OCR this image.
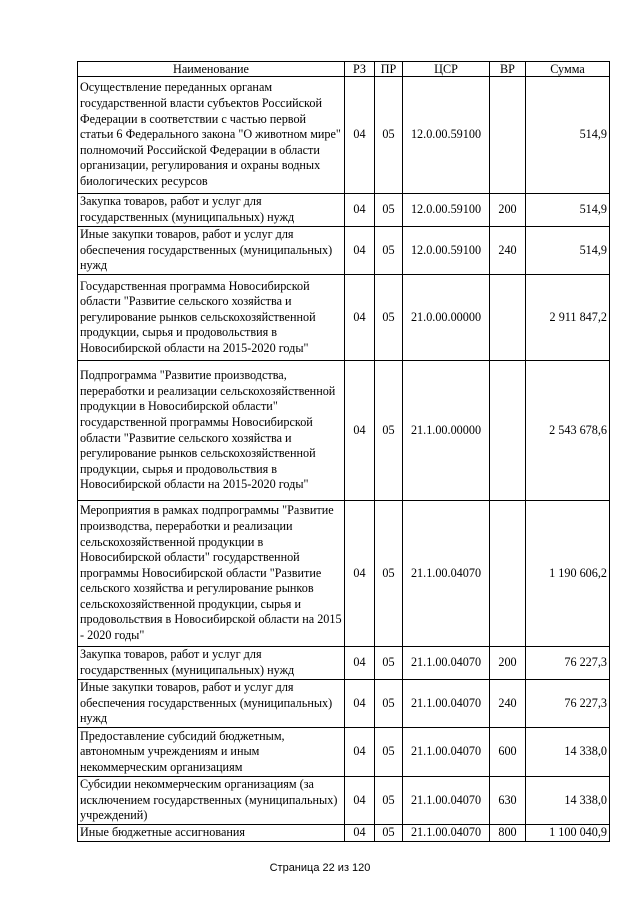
Наименование	РЗ	ПР	ЦСР	ВР	Сумма
Осуществление переданных органам государственной власти субъектов Российской Федерации в соответствии с частью первой статьи 6 Федерального закона "О животном мире" полномочий Российской Федерации в области организации, регулирования и охраны водных биологических ресурсов	04	05	12.0.00.59100		514,9
Закупка товаров, работ и услуг для государственных (муниципальных) нужд	04	05	12.0.00.59100	200	514,9
Иные закупки товаров, работ и услуг для обеспечения государственных (муниципальных) нужд	04	05	12.0.00.59100	240	514,9
Государственная программа Новосибирской области "Развитие сельского хозяйства и регулирование рынков сельскохозяйственной продукции, сырья и продовольствия в Новосибирской области на 2015-2020 годы"	04	05	21.0.00.00000		2 911 847,2
Подпрограмма "Развитие производства, переработки и реализации сельскохозяйственной продукции в Новосибирской области" государственной программы Новосибирской области "Развитие сельского хозяйства и регулирование рынков сельскохозяйственной продукции, сырья и продовольствия в Новосибирской области на 2015-2020 годы"	04	05	21.1.00.00000		2 543 678,6
Мероприятия в рамках подпрограммы "Развитие производства, переработки и реализации сельскохозяйственной продукции в Новосибирской области" государственной программы Новосибирской области "Развитие сельского хозяйства и регулирование рынков сельскохозяйственной продукции, сырья и продовольствия в Новосибирской области на 2015 - 2020 годы"	04	05	21.1.00.04070		1 190 606,2
Закупка товаров, работ и услуг для государственных (муниципальных) нужд	04	05	21.1.00.04070	200	76 227,3
Иные закупки товаров, работ и услуг для обеспечения государственных (муниципальных) нужд	04	05	21.1.00.04070	240	76 227,3
Предоставление субсидий бюджетным, автономным учреждениям и иным некоммерческим организациям	04	05	21.1.00.04070	600	14 338,0
Субсидии некоммерческим организациям (за исключением государственных (муниципальных) учреждений)	04	05	21.1.00.04070	630	14 338,0
Иные бюджетные ассигнования	04	05	21.1.00.04070	800	1 100 040,9
Страница 22 из 120
